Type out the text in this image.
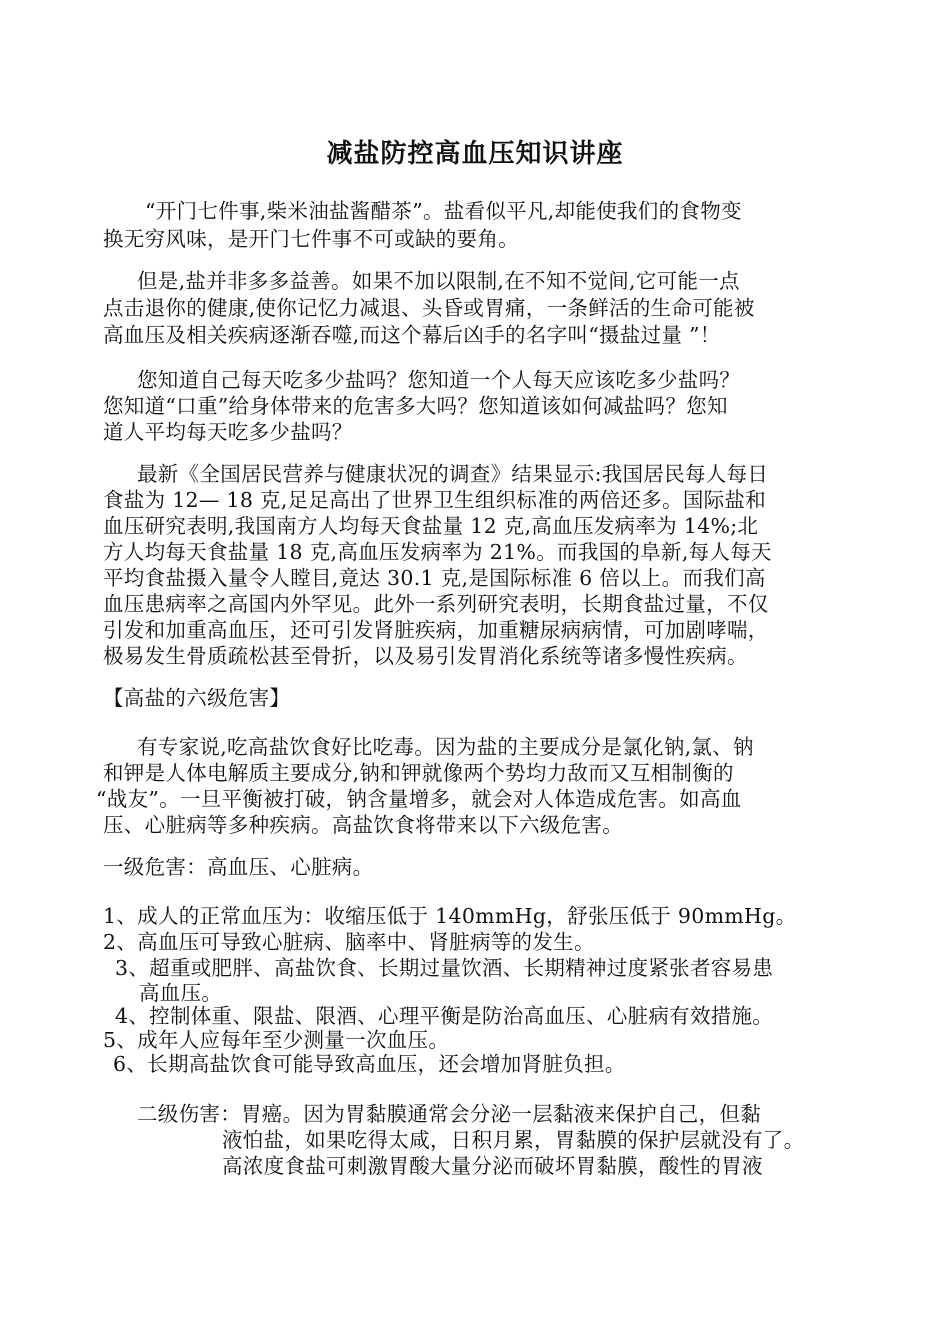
减盐防控高血压知识讲座

“开门七件事,柴米油盐酱醋茶”。盐看似平凡,却能使我们的食物变

换无穷风味，是开门七件事不可或缺的要角。

但是,盐并非多多益善。如果不加以限制,在不知不觉间,它可能一点

点击退你的健康,使你记忆力减退、头昏或胃痛，一条鲜活的生命可能被

高血压及相关疾病逐渐吞噬,而这个幕后凶手的名字叫“摄盐过量 ”！

您知道自己每天吃多少盐吗？您知道一个人每天应该吃多少盐吗？

您知道“口重”给身体带来的危害多大吗？您知道该如何减盐吗？您知

道人平均每天吃多少盐吗？

最新《全国居民营养与健康状况的调查》结果显示:我国居民每人每日

食盐为 12— 18 克,足足高出了世界卫生组织标准的两倍还多。国际盐和

血压研究表明,我国南方人均每天食盐量 12 克,高血压发病率为 14%;北

方人均每天食盐量 18 克,高血压发病率为 21%。而我国的阜新,每人每天

平均食盐摄入量令人瞠目,竟达 30.1 克,是国际标准 6 倍以上。而我们高

血压患病率之高国内外罕见。此外一系列研究表明，长期食盐过量，不仅

引发和加重高血压，还可引发肾脏疾病，加重糖尿病病情，可加剧哮喘，

极易发生骨质疏松甚至骨折，以及易引发胃消化系统等诸多慢性疾病。

【高盐的六级危害】

有专家说,吃高盐饮食好比吃毒。因为盐的主要成分是氯化钠,氯、钠

和钾是人体电解质主要成分,钠和钾就像两个势均力敌而又互相制衡的

“战友”。一旦平衡被打破，钠含量增多，就会对人体造成危害。如高血

压、心脏病等多种疾病。高盐饮食将带来以下六级危害。

一级危害：高血压、心脏病。

1、成人的正常血压为：收缩压低于 140mmHg，舒张压低于 90mmHg。

2、高血压可导致心脏病、脑率中、肾脏病等的发生。

3、超重或肥胖、高盐饮食、长期过量饮酒、长期精神过度紧张者容易患

高血压。

4、控制体重、限盐、限酒、心理平衡是防治高血压、心脏病有效措施。

5、成年人应每年至少测量一次血压。

6、长期高盐饮食可能导致高血压，还会增加肾脏负担。

二级伤害：胃癌。因为胃黏膜通常会分泌一层黏液来保护自己，但黏

液怕盐，如果吃得太咸，日积月累，胃黏膜的保护层就没有了。

高浓度食盐可刺激胃酸大量分泌而破坏胃黏膜，酸性的胃液
